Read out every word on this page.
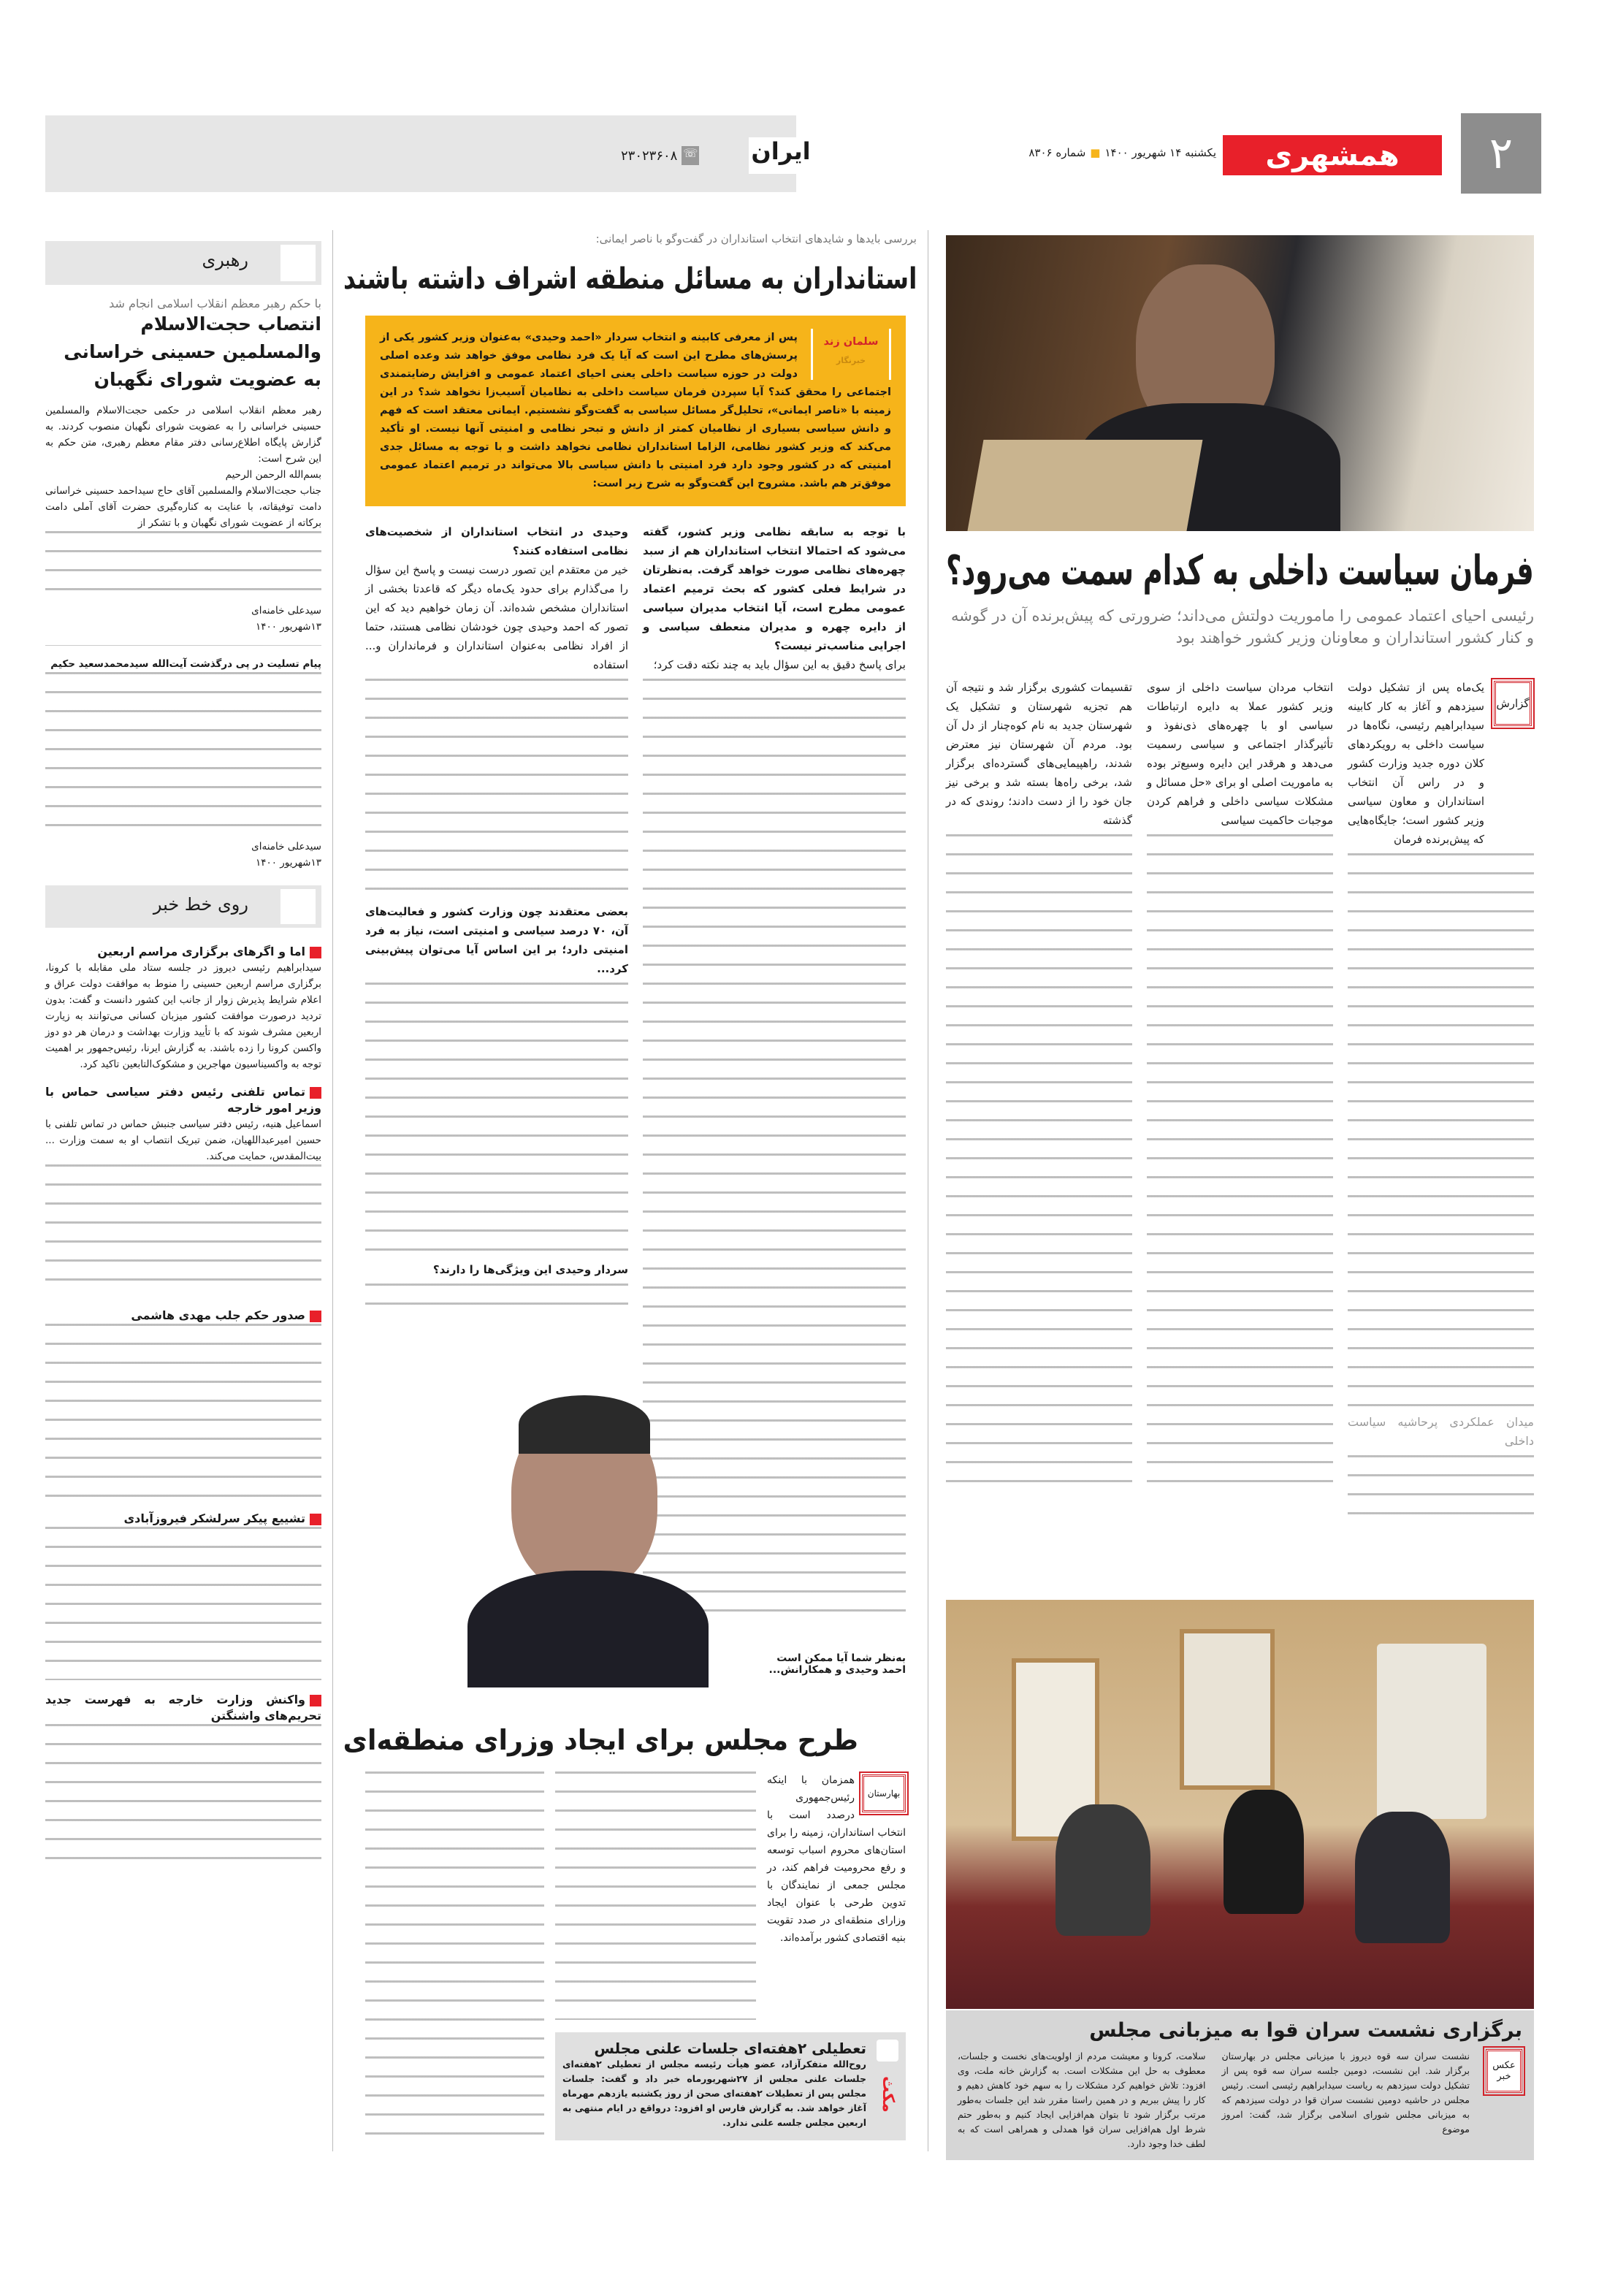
۲
همشهری
یکشنبه ۱۴ شهریور ۱۴۰۰
■
شماره ۸۳۰۶
ایران
☏
۲۳۰۲۳۶۰۸
فرمان سیاست داخلی به کدام سمت می‌رود؟
رئیسی احیای اعتماد عمومی را ماموریت دولتش می‌داند؛ ضرورتی که پیش‌برنده آن در گوشه و کنار کشور استانداران و معاونان وزیر کشور خواهند بود
گزارش

یک‌ماه پس از تشکیل دولت سیزدهم و آغاز به کار کابینه سیدابراهیم رئیسی، نگاه‌ها در سیاست داخلی به رویکردهای کلان دوره جدید وزارت کشور و در راس آن انتخاب استانداران و معاون سیاسی وزیر کشور است؛ جایگاه‌هایی که پیش‌برنده فرمان

میدان عملکردی پرحاشیه سیاست داخلی

انتخاب مردان سیاست داخلی از سوی وزیر کشور عملا به دایره ارتباطات سیاسی او با چهره‌های ذی‌نفوذ و تأثیرگذار اجتماعی و سیاسی رسمیت می‌دهد و هرقدر این دایره وسیع‌تر بوده به ماموریت اصلی او برای «حل مسائل و مشکلات سیاسی داخلی و فراهم کردن موجبات حاکمیت سیاسی

تقسیمات کشوری برگزار شد و نتیجه آن هم تجزیه شهرستان و تشکیل یک شهرستان جدید به نام کوه‌چنار از دل آن بود. مردم آن شهرستان نیز معترض شدند، راهپیمایی‌های گسترده‌ای برگزار شد، برخی راه‌ها بسته شد و برخی نیز جان خود را از دست دادند؛ روندی که در گذشته

برگزاری نشست سران قوا به میزبانی مجلس
عکس خبر

نشست سران سه قوه دیروز با میزبانی مجلس در بهارستان برگزار شد. این نشست، دومین جلسه سران سه قوه پس از تشکیل دولت سیزدهم به ریاست سیدابراهیم رئیسی است. رئیس مجلس در حاشیه دومین نشست سران قوا در دولت سیزدهم که به میزبانی مجلس شورای اسلامی برگزار شد، گفت: امروز موضوع

سلامت، کرونا و معیشت مردم از اولویت‌های نخست و جلسات، معطوف به حل این مشکلات است. به گزارش خانه ملت، وی افزود: تلاش خواهیم کرد مشکلات را به سهم خود کاهش دهیم و کار را پیش ببریم و در همین راستا مقرر شد این جلسات به‌طور مرتب برگزار شود تا بتوان هم‌افزایی ایجاد کنیم و به‌طور حتم شرط اول هم‌افزایی سران قوا همدلی و همراهی است که به لطف خدا وجود دارد.

بررسی بایدها و شایدهای انتخاب استانداران در گفت‌وگو با ناصر ایمانی:
استانداران به مسائل منطقه اشراف داشته باشند
سلمان زند
خبرنگار
پس از معرفی کابینه و انتخاب سردار «احمد وحیدی» به‌عنوان وزیر کشور یکی از پرسش‌های مطرح این است که آیا یک فرد نظامی موفق خواهد شد وعده اصلی دولت در حوزه سیاست داخلی یعنی احیای اعتماد عمومی و افزایش رضایتمندی اجتماعی را محقق کند؟ آیا سپردن فرمان سیاست داخلی به نظامیان آسیب‌زا نخواهد شد؟ در این زمینه با «ناصر ایمانی»، تحلیل‌گر مسائل سیاسی به گفت‌وگو نشستیم. ایمانی معتقد است که فهم و دانش سیاسی بسیاری از نظامیان کمتر از دانش و تبحر نظامی و امنیتی آنها نیست. او تأکید می‌کند که وزیر کشور نظامی، الزاما استانداران نظامی نخواهد داشت و با توجه به مسائل جدی امنیتی که در کشور وجود دارد فرد امنیتی با دانش سیاسی بالا می‌تواند در ترمیم اعتماد عمومی موفق‌تر هم باشد. مشروح این گفت‌وگو به شرح زیر است:

با توجه به سابقه نظامی وزیر کشور، گفته می‌شود که احتمالا انتخاب استانداران هم از سبد چهره‌های نظامی صورت خواهد گرفت. به‌نظرتان در شرایط فعلی کشور که بحث ترمیم اعتماد عمومی مطرح است، آیا انتخاب مدیران سیاسی از دایره چهره و مدیران منعطف سیاسی و اجرایی مناسب‌تر نیست؟

برای پاسخ دقیق به این سؤال باید به چند نکته دقت کرد؛

وحیدی در انتخاب استانداران از شخصیت‌های نظامی استفاده کنند؟

خیر من معتقدم این تصور درست نیست و پاسخ این سؤال را می‌گذارم برای حدود یک‌ماه دیگر که قاعدتا بخشی از استانداران مشخص شده‌اند. آن زمان خواهیم دید که این تصور که احمد وحیدی چون خودشان نظامی هستند، حتما از افراد نظامی به‌عنوان استانداران و فرمانداران و... استفاده

بعضی معتقدند چون وزارت کشور و فعالیت‌های آن، ۷۰ درصد سیاسی و امنیتی است، نیاز به فرد امنیتی دارد؛ بر این اساس آیا می‌توان پیش‌بینی کرد...

سردار وحیدی این ویژگی‌ها را دارند؟

به‌نظر شما آیا ممکن است احمد وحیدی و همکارانش...
طرح مجلس برای ایجاد وزرای منطقه‌ای
بهارستان

همزمان با اینکه رئیس‌جمهوری درصدد است با انتخاب استانداران، زمینه را برای استان‌های محروم اسباب توسعه و رفع محرومیت فراهم کند، در مجلس جمعی از نمایندگان با تدوین طرحی با عنوان ایجاد وزارای منطقه‌ای در صدد تقویت بنیه اقتصادی کشور برآمده‌اند.

مکث
تعطیلی ۲هفته‌ای جلسات علنی مجلس

روح‌الله متفکرآزاد، عضو هیأت رئیسه مجلس از تعطیلی ۲هفته‌ای جلسات علنی مجلس از ۲۷شهریورماه خبر داد و گفت: جلسات مجلس پس از تعطیلات ۲هفته‌ای صحن از روز یکشنبه یازدهم مهرماه آغاز خواهد شد. به گزارش فارس او افزود: درواقع در ایام منتهی به اربعین مجلس جلسه علنی ندارد.

رهبری
با حکم رهبر معظم انقلاب اسلامی انجام شد
انتصاب حجت‌الاسلام والمسلمین حسینی خراسانی به عضویت شورای نگهبان

رهبر معظم انقلاب اسلامی در حکمی حجت‌الاسلام والمسلمین حسینی خراسانی را به عضویت شورای نگهبان منصوب کردند. به گزارش پایگاه اطلاع‌رسانی دفتر مقام معظم رهبری، متن حکم به این شرح است:

بسم‌الله الرحمن الرحیم

جناب حجت‌الاسلام والمسلمین آقای حاج سیداحمد حسینی خراسانی دامت توفیقاته، با عنایت به کناره‌گیری حضرت آقای آملی دامت برکاته از عضویت شورای نگهبان و با تشکر از

سیدعلی خامنه‌ای

۱۳شهریور ۱۴۰۰

پیام تسلیت در پی درگذشت آیت‌الله سیدمحمدسعید حکیم

سیدعلی خامنه‌ای

۱۳شهریور ۱۴۰۰

روی خط خبر
اما و اگرهای برگزاری مراسم اربعین

سیدابراهیم رئیسی دیروز در جلسه ستاد ملی مقابله با کرونا، برگزاری مراسم اربعین حسینی را منوط به موافقت دولت عراق و اعلام شرایط پذیرش زوار از جانب این کشور دانست و گفت: بدون تردید درصورت موافقت کشور میزبان کسانی می‌توانند به زیارت اربعین مشرف شوند که با تأیید وزارت بهداشت و درمان هر دو دوز واکسن کرونا را زده باشند. به گزارش ایرنا، رئیس‌جمهور بر اهمیت توجه به واکسیناسیون مهاجرین و مشکوک‌التابعین تاکید کرد.

تماس تلفنی رئیس دفتر سیاسی حماس با وزیر امور خارجه

اسماعیل هنیه، رئیس دفتر سیاسی جنبش حماس در تماس تلفنی با حسین امیرعبداللهیان، ضمن تبریک انتصاب او به سمت وزارت ... بیت‌المقدس، حمایت می‌کند.

صدور حکم جلب مهدی هاشمی
تشییع پیکر سرلشکر فیروزآبادی
واکنش وزارت خارجه به فهرست جدید تحریم‌های واشنگتن
